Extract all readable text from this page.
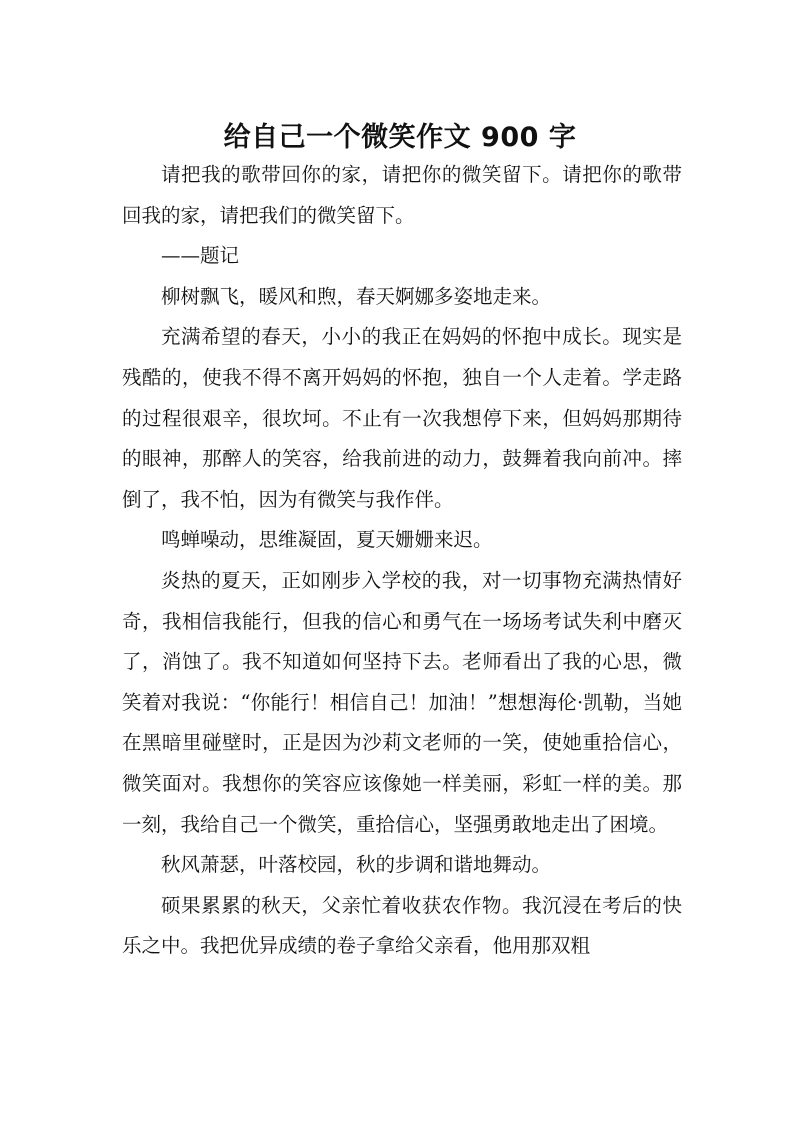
给自己一个微笑作文 900 字

请把我的歌带回你的家，请把你的微笑留下。请把你的歌带回我的家，请把我们的微笑留下。

——题记

柳树飘飞，暖风和煦，春天婀娜多姿地走来。

充满希望的春天，小小的我正在妈妈的怀抱中成长。现实是残酷的，使我不得不离开妈妈的怀抱，独自一个人走着。学走路的过程很艰辛，很坎坷。不止有一次我想停下来，但妈妈那期待的眼神，那醉人的笑容，给我前进的动力，鼓舞着我向前冲。摔倒了，我不怕，因为有微笑与我作伴。

鸣蝉噪动，思维凝固，夏天姗姗来迟。

炎热的夏天，正如刚步入学校的我，对一切事物充满热情好奇，我相信我能行，但我的信心和勇气在一场场考试失利中磨灭了，消蚀了。我不知道如何坚持下去。老师看出了我的心思，微笑着对我说：“你能行！相信自己！加油！”想想海伦·凯勒，当她在黑暗里碰壁时，正是因为沙莉文老师的一笑，使她重拾信心，微笑面对。我想你的笑容应该像她一样美丽，彩虹一样的美。那一刻，我给自己一个微笑，重拾信心，坚强勇敢地走出了困境。

秋风萧瑟，叶落校园，秋的步调和谐地舞动。

硕果累累的秋天，父亲忙着收获农作物。我沉浸在考后的快乐之中。我把优异成绩的卷子拿给父亲看，他用那双粗
